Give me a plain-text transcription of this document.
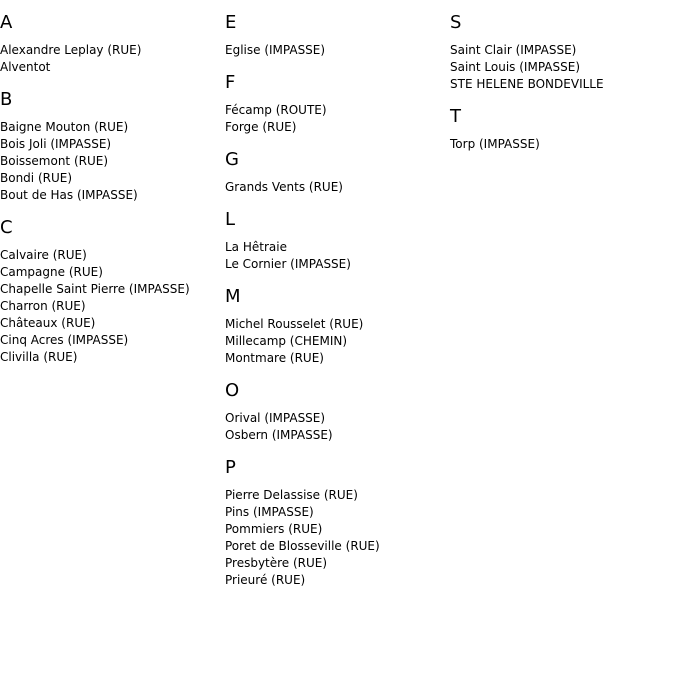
A
Alexandre Leplay (RUE)
Alventot
B
Baigne Mouton (RUE)
Bois Joli (IMPASSE)
Boissemont (RUE)
Bondi (RUE)
Bout de Has (IMPASSE)
C
Calvaire (RUE)
Campagne (RUE)
Chapelle Saint Pierre (IMPASSE)
Charron (RUE)
Châteaux (RUE)
Cinq Acres (IMPASSE)
Clivilla (RUE)
E
Eglise (IMPASSE)
F
Fécamp (ROUTE)
Forge (RUE)
G
Grands Vents (RUE)
L
La Hêtraie
Le Cornier (IMPASSE)
M
Michel Rousselet (RUE)
Millecamp (CHEMIN)
Montmare (RUE)
O
Orival (IMPASSE)
Osbern (IMPASSE)
P
Pierre Delassise (RUE)
Pins (IMPASSE)
Pommiers (RUE)
Poret de Blosseville (RUE)
Presbytère (RUE)
Prieuré (RUE)
S
Saint Clair (IMPASSE)
Saint Louis (IMPASSE)
STE HELENE BONDEVILLE
T
Torp (IMPASSE)
